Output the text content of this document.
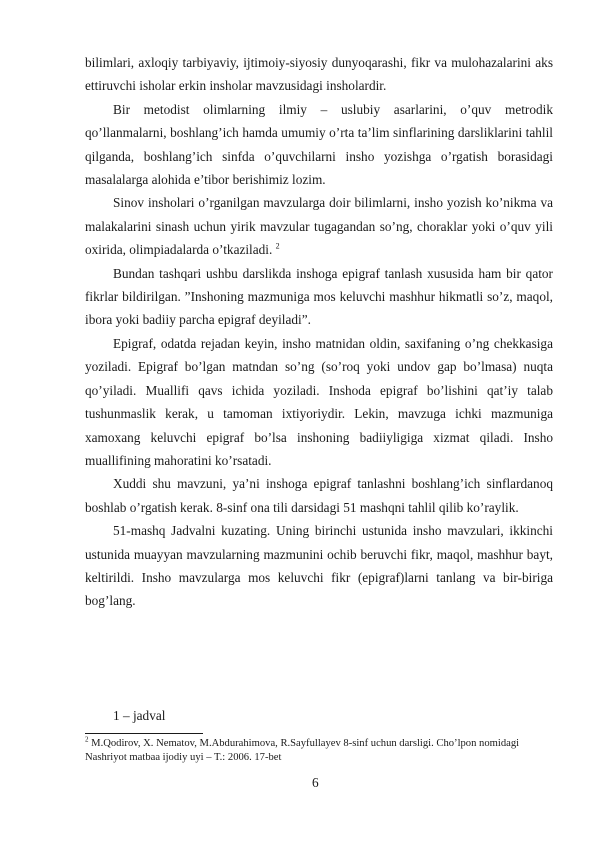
bilimlari, axloqiy tarbiyaviy, ijtimoiy-siyosiy dunyoqarashi, fikr va mulohazalarini aks ettiruvchi isholar erkin insholar mavzusidagi insholardir.

Bir metodist olimlarning ilmiy – uslubiy asarlarini, o’quv metrodik qo’llanmalarni, boshlang’ich hamda umumiy o’rta ta’lim sinflarining darsliklarini tahlil qilganda, boshlang’ich sinfda o’quvchilarni insho yozishga o’rgatish borasidagi masalalarga alohida e’tibor berishimiz lozim.

Sinov insholari o’rganilgan mavzularga doir bilimlarni, insho yozish ko’nikma va malakalarini sinash uchun yirik mavzular tugagandan so’ng, choraklar yoki o’quv yili oxirida, olimpiadalarda o’tkaziladi. $^2$

Bundan tashqari ushbu darslikda inshoga epigraf tanlash xususida ham bir qator fikrlar bildirilgan. ”Inshoning mazmuniga mos keluvchi mashhur hikmatli so’z, maqol, ibora yoki badiiy parcha epigraf deyiladi”.

Epigraf, odatda rejadan keyin, insho matnidan oldin, saxifaning o’ng chekkasiga yoziladi. Epigraf bo’lgan matndan so’ng (so’roq yoki undov gap bo’lmasa) nuqta qo’yiladi. Muallifi qavs ichida yoziladi. Inshoda epigraf bo’lishini qat’iy talab tushunmaslik kerak, u tamoman ixtiyoriydir. Lekin, mavzuga ichki mazmuniga xamoxang keluvchi epigraf bo’lsa inshoning badiiyligiga xizmat qiladi. Insho muallifining mahoratini ko’rsatadi.

Xuddi shu mavzuni, ya’ni inshoga epigraf tanlashni boshlang’ich sinflardanoq boshlab o’rgatish kerak. 8-sinf ona tili darsidagi 51 mashqni tahlil qilib ko’raylik.

51-mashq Jadvalni kuzating. Uning birinchi ustunida insho mavzulari, ikkinchi ustunida muayyan mavzularning mazmunini ochib beruvchi fikr, maqol, mashhur bayt, keltirildi. Insho mavzularga mos keluvchi fikr (epigraf)larni tanlang va bir-biriga bog’lang.

1 – jadval

$^2$ M.Qodirov, X. Nematov, M.Abdurahimova, R.Sayfullayev 8-sinf uchun darsligi. Cho’lpon nomidagi Nashriyot matbaa ijodiy uyi – T.: 2006. 17-bet

6
